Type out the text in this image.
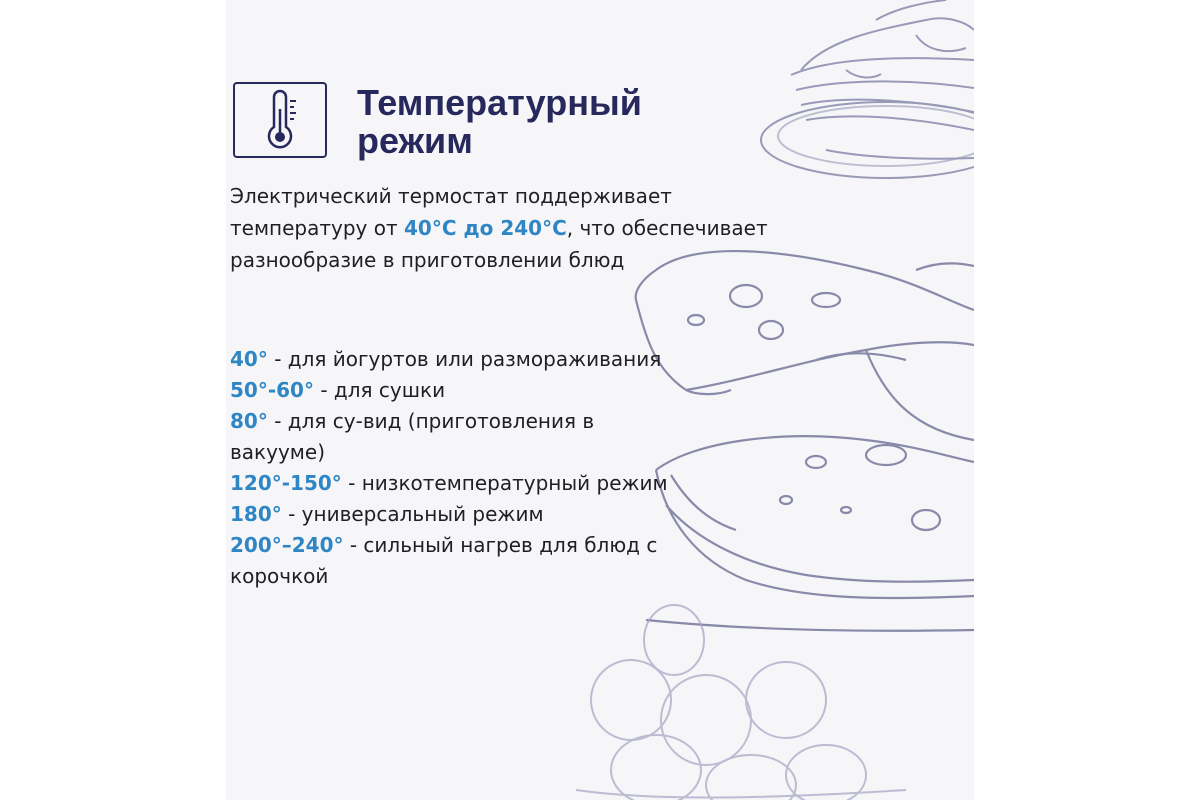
Температурный
режим

Электрический термостат поддерживает температуру от 40°C до 240°C, что обеспечивает разнообразие в приготовлении блюд

40° - для йогуртов или размораживания
50°-60° - для сушки
80° - для су-вид (приготовления в вакууме)
120°-150° - низкотемпературный режим
180° - универсальный режим
200°–240° - сильный нагрев для блюд с корочкой
